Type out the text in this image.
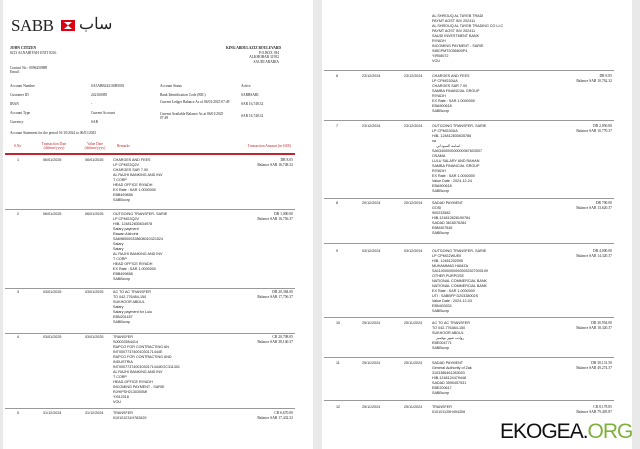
SABB ساب
JOHN CITIZEN
8213 ALNABIYAH UNIT 8216
Contact No : 0096250889
Email :
KING ABDULAZIZ BOULEVARD
P.O.BOX 394
ALKHOBAR 31952
SAUDI ARABIA
Account Number	SA5ABB24216085001
Customer ID	242160085
IBAN	-
Account Type	Current Account
Currency	SAR
Account Status	Active
Bank Identification Code (BIC)	SABBSARI
Current Ledger Balance As of 06/01/2025 07:49	SAR 16,748.32
Current Available Balance As at 06/01/2025 07:49
SAR 16,748.32
Account Statement for the period 01/10/2024 to 06/01/2025
S.No	Transaction Date (dd/mm/yyyy)
Value Date (dd/mm/yyyy)
Remarks	Transaction Amount (in SAR)
1	06/01/2025	06/01/2025	CHARGES AND FEES
LP CPMG3Q2V
CHARGES SAR 7.00
AL RAJHI BANKING AND INV
T CORP
HEAD OFFICE RIYADH
EX Rate : SAR 1.0000000
EBB499858
SABBcorp
DR 8.05
Balance SAR 16,748.32
2	06/01/2025	06/01/2025	OUTGOING TRANSFER- SARIE
LP CPMG3Q2V
HIB- 124812830634978
Salary payment
Rawan Alzhohir
SA6980000328608010321524
Salary
Salary
AL RAJHI BANKING AND INV
T CORP
HEAD OFFICE RIYADH
EX Rate : SAR 1.0000000
EBB499858
SABBcorp
DR 1,000.00
Balance SAR 16,756.37
3	03/01/2025	03/01/2025	AC TO AC TRANSFER
TO 042-776484-150
SUKHOOR ABDUL
Salary
Salary payment for Lulu
EBN201187
SABBcorp
DR 20,384.00
Balance SAR 17,756.37
4	03/01/2025	03/01/2025	TRANSFER
S00003554414
RAPCO FOR CONTRACTING AN
INT00077374001030171444E
RAPCO FOR CONTRACTING AND
INDUSTRIA
INT00077374001030171444EOC311301
AL RAJHI BANKING AND INV
T CORP
HEAD-OFFICE RIYADH
INCOMING PAYMENT - SARIE
RJHIPSH2130300MI
YI912318
VOU
CR 20,708.05
Balance SAR 38,140.37
5	31/12/2024	31/12/2024	TRANSFER
010101231H782629
CR 6,670.00
Balance SAR 17,432.32
AL SHROUQ AL TAYEB TRADI
PAYMT AGST INV 202411
AL SHROUQ AL TAYEB TRADING CO LLC
PAYMT AGST INV 202411
SAUDI INVESTMENT BANK
RIYADH
INCOMING PAYMENT - SARIE
SIBCPMT2036600P4
YIR08072
VOU
6	23/12/2024	23/12/2024	CHARGES AND FEES
LP CPMG30UA
CHARGES SAR 7.00
SAMBA FINANCIAL GROUP
RIYADH
EX Rate : SAR 1.0000000
EBA900618
SABBcorp
DR 8.05
Balance SAR 10,762.32
7	23/12/2024	23/12/2024	OUTGOING TRANSFER- SARIE
LP CPMG30UA
HIB- 124812830635786
na
اسامة السوداني
SA0340000000000067603007
OSAMA
LULU SALARY AND RAHAN
SAMBA FINANCIAL GROUP
RIYADH
EX Rate : SAR 1.0000000
Value Date : 2024-12-24
EBA900618
SABBcorp
DR 2,850.00
Balance SAR 10,770.37
8	20/12/2024	20/12/2024	SADAD PAYMENT
GOSI
900233582
HIB-124812828190784
SADAD 3616076284
EBM407545
SABBcorp
DR 700.00
Balance SAR 13,620.37
9	03/12/2024	03/12/2024	OUTGOING TRANSFER- SARIE
LP CPMG2WUE0
HIB- 12481202095
MUHAMMAD HAMZA
SA1100000000000052527000109
OTHER PURPOSE
NATIONAL COMMERCIAL BANK
NATIONAL COMMERCIAL BANK
EX Rate : SAR 1.0000000
UTI : SABBFP D20338002S
Value Date : 2024-12-03
EBN403031
SABBcorp
DR 4,000.00
Balance SAR 14,320.37
10	25/11/2024	25/11/2024	AC TO AC TRANSFER
TO 042-776484-150
SUKHOOR ABDUL
رواتب شهر نوفمبر
EBE004771
SABBcorp
DR 30,954.00
Balance SAR 18,320.37
11	25/11/2024	25/11/2024	SADAD PAYMENT
General Authority of Zak
3103386461283003
HIB-1248124479448
SADAD 3590457531
EBE200617
SABBcorp
DR 30,131.50
Balance SAR 49,274.37
12	25/11/2024	25/11/2024	TRANSFER
010101125H494306
CR 8,178.85
Balance SAR 79,405.87
EKOGEA.ORG
